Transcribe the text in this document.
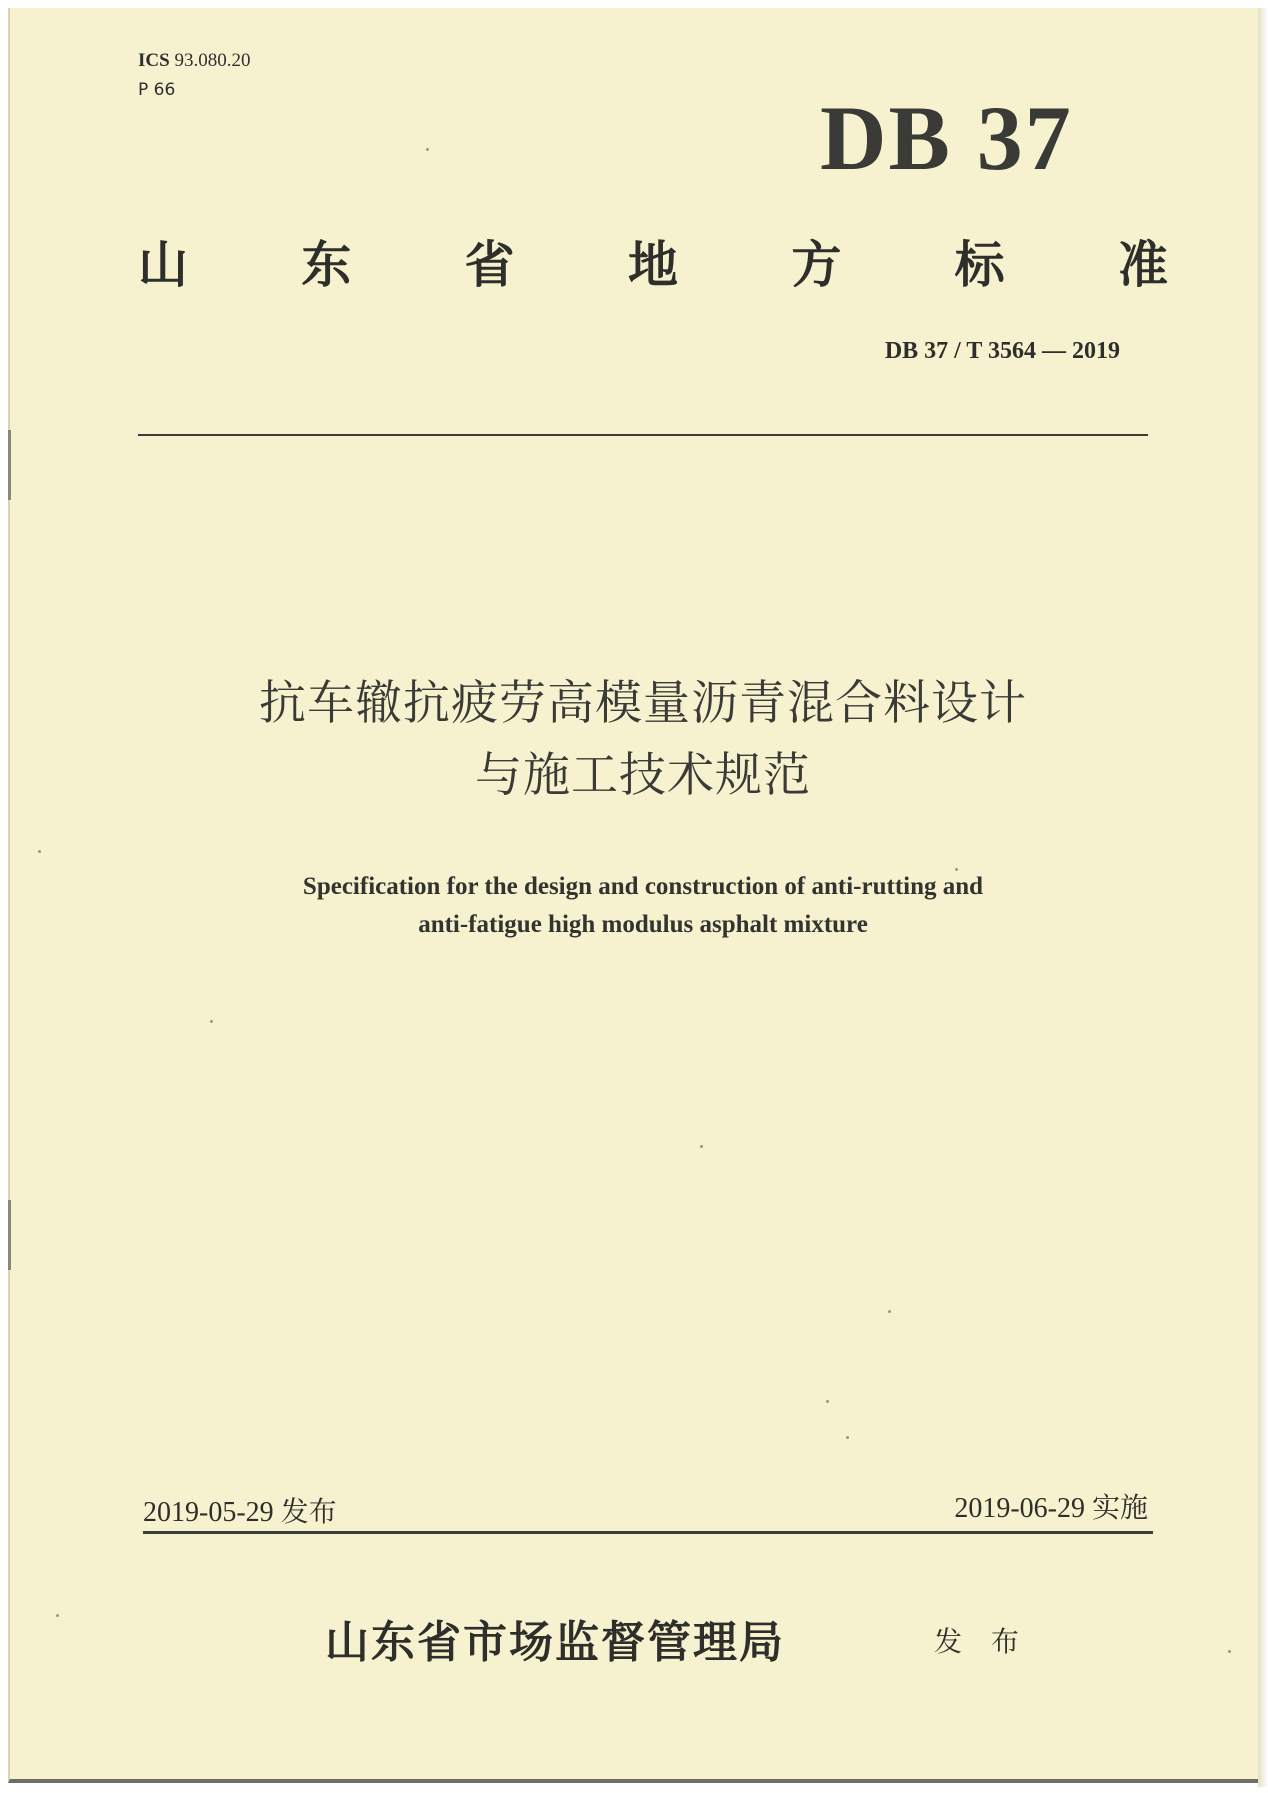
ICS 93.080.20
P 66	DB 37
山 东 省 地 方 标 准
DB 37 / T 3564 — 2019
抗车辙抗疲劳高模量沥青混合料设计
与施工技术规范
Specification for the design and construction of anti-rutting and
anti-fatigue high modulus asphalt mixture
2019-05-29 发布	2019-06-29 实施
山东省市场监督管理局	发 布
